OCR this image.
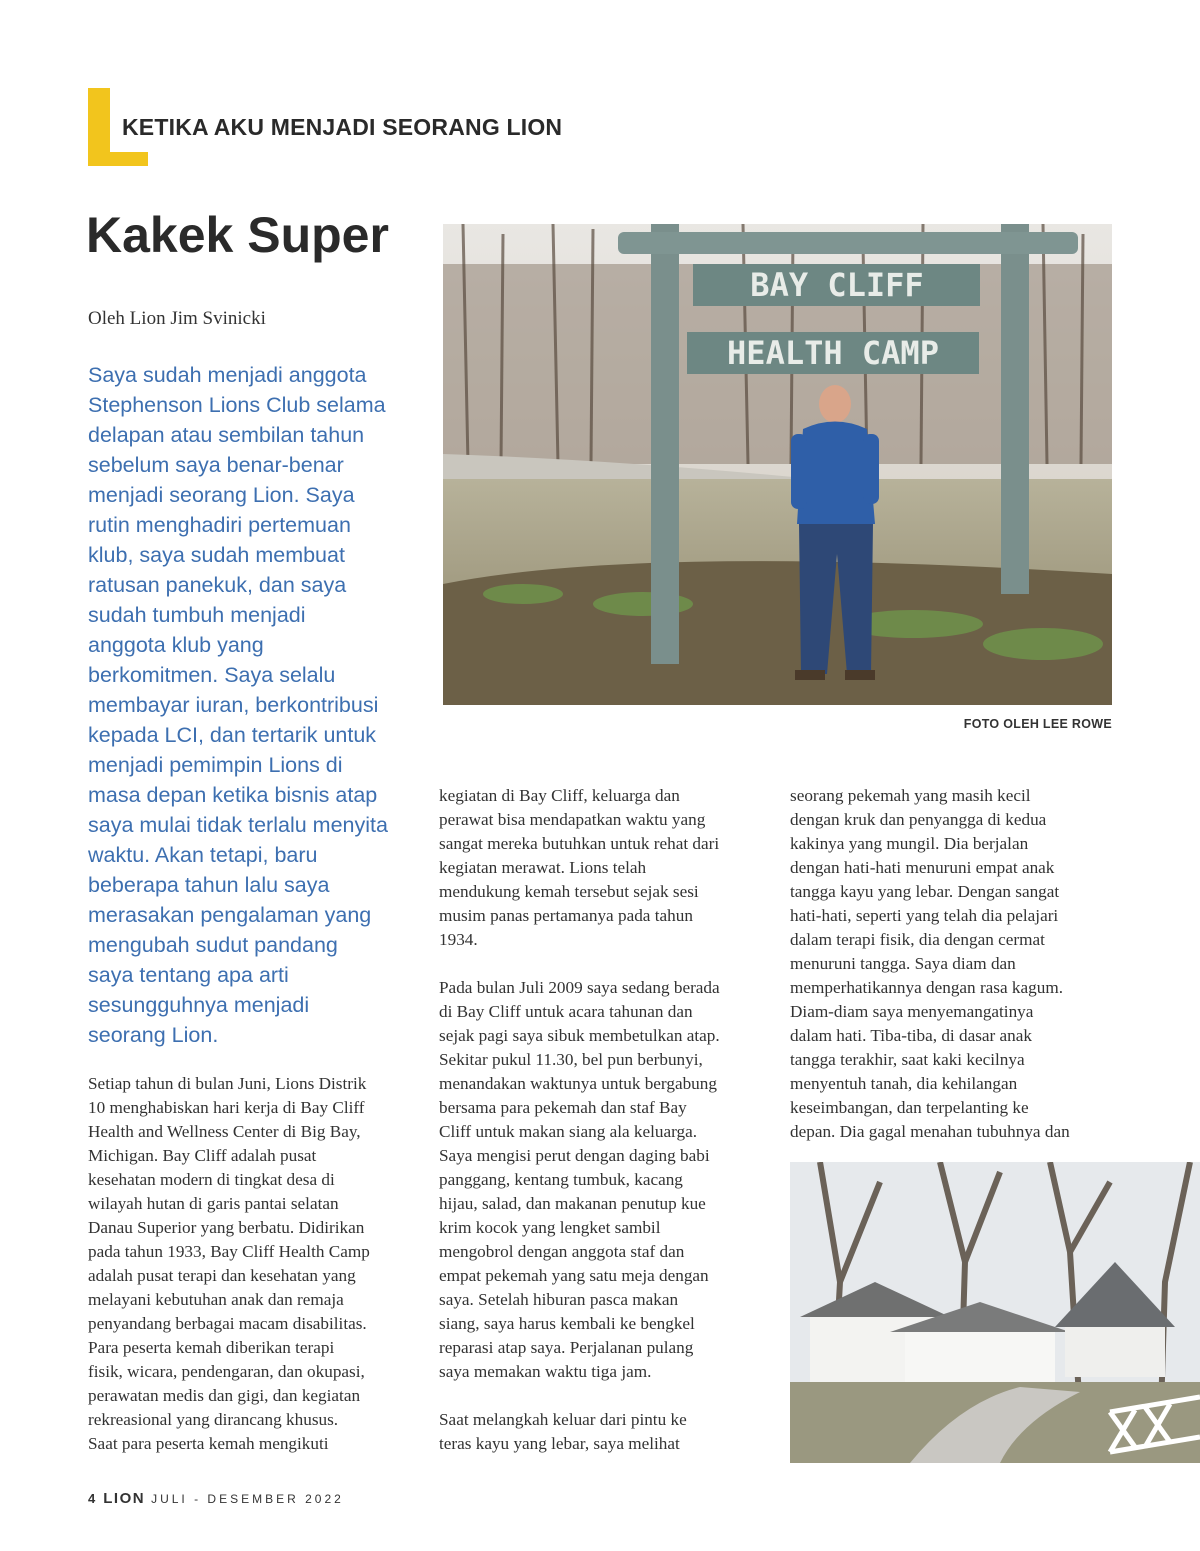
KETIKA AKU MENJADI SEORANG LION
Kakek Super
Oleh Lion Jim Svinicki
Saya sudah menjadi anggota
Stephenson Lions Club selama
delapan atau sembilan tahun
sebelum saya benar-benar
menjadi seorang Lion. Saya
rutin menghadiri pertemuan
klub, saya sudah membuat
ratusan panekuk, dan saya
sudah tumbuh menjadi
anggota klub yang
berkomitmen. Saya selalu
membayar iuran, berkontribusi
kepada LCI, dan tertarik untuk
menjadi pemimpin Lions di
masa depan ketika bisnis atap
saya mulai tidak terlalu menyita
waktu. Akan tetapi, baru
beberapa tahun lalu saya
merasakan pengalaman yang
mengubah sudut pandang
saya tentang apa arti
sesungguhnya menjadi
seorang Lion.
Setiap tahun di bulan Juni, Lions Distrik
10 menghabiskan hari kerja di Bay Cliff
Health and Wellness Center di Big Bay,
Michigan. Bay Cliff adalah pusat
kesehatan modern di tingkat desa di
wilayah hutan di garis pantai selatan
Danau Superior yang berbatu. Didirikan
pada tahun 1933, Bay Cliff Health Camp
adalah pusat terapi dan kesehatan yang
melayani kebutuhan anak dan remaja
penyandang berbagai macam disabilitas.
Para peserta kemah diberikan terapi
fisik, wicara, pendengaran, dan okupasi,
perawatan medis dan gigi, dan kegiatan
rekreasional yang dirancang khusus.
Saat para peserta kemah mengikuti
kegiatan di Bay Cliff, keluarga dan
perawat bisa mendapatkan waktu yang
sangat mereka butuhkan untuk rehat dari
kegiatan merawat. Lions telah
mendukung kemah tersebut sejak sesi
musim panas pertamanya pada tahun
1934.
Pada bulan Juli 2009 saya sedang berada
di Bay Cliff untuk acara tahunan dan
sejak pagi saya sibuk membetulkan atap.
Sekitar pukul 11.30, bel pun berbunyi,
menandakan waktunya untuk bergabung
bersama para pekemah dan staf Bay
Cliff untuk makan siang ala keluarga.
Saya mengisi perut dengan daging babi
panggang, kentang tumbuk, kacang
hijau, salad, dan makanan penutup kue
krim kocok yang lengket sambil
mengobrol dengan anggota staf dan
empat pekemah yang satu meja dengan
saya. Setelah hiburan pasca makan
siang, saya harus kembali ke bengkel
reparasi atap saya. Perjalanan pulang
saya memakan waktu tiga jam.
Saat melangkah keluar dari pintu ke
teras kayu yang lebar, saya melihat
seorang pekemah yang masih kecil
dengan kruk dan penyangga di kedua
kakinya yang mungil. Dia berjalan
dengan hati-hati menuruni empat anak
tangga kayu yang lebar. Dengan sangat
hati-hati, seperti yang telah dia pelajari
dalam terapi fisik, dia dengan cermat
menuruni tangga. Saya diam dan
memperhatikannya dengan rasa kagum.
Diam-diam saya menyemangatinya
dalam hati. Tiba-tiba, di dasar anak
tangga terakhir, saat kaki kecilnya
menyentuh tanah, dia kehilangan
keseimbangan, dan terpelanting ke
depan. Dia gagal menahan tubuhnya dan
BAY CLIFF
HEALTH CAMP
FOTO OLEH LEE ROWE
4 LION JULI - DESEMBER 2022
